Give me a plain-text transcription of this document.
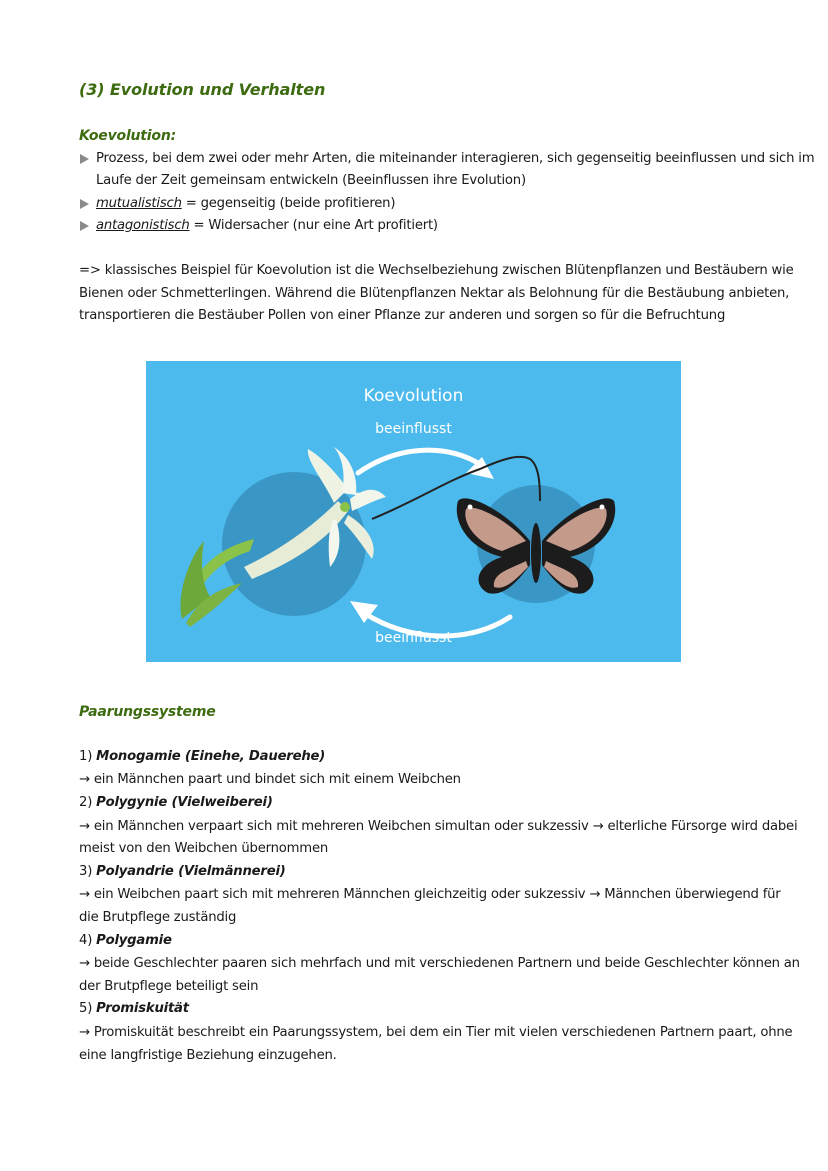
(3) Evolution und Verhalten
Koevolution:
Prozess, bei dem zwei oder mehr Arten, die miteinander interagieren, sich gegenseitig beeinflussen und sich im
Laufe der Zeit gemeinsam entwickeln (Beeinflussen ihre Evolution)
mutualistisch = gegenseitig (beide profitieren)
antagonistisch = Widersacher (nur eine Art profitiert)
=> klassisches Beispiel für Koevolution ist die Wechselbeziehung zwischen Blütenpflanzen und Bestäubern wie
Bienen oder Schmetterlingen. Während die Blütenpflanzen Nektar als Belohnung für die Bestäubung anbieten,
transportieren die Bestäuber Pollen von einer Pflanze zur anderen und sorgen so für die Befruchtung
Koevolution
beeinflusst
beeinflusst
Paarungssysteme
1) Monogamie (Einehe, Dauerehe)
→ ein Männchen paart und bindet sich mit einem Weibchen
2) Polygynie (Vielweiberei)
→ ein Männchen verpaart sich mit mehreren Weibchen simultan oder sukzessiv → elterliche Fürsorge wird dabei
meist von den Weibchen übernommen
3) Polyandrie (Vielmännerei)
→ ein Weibchen paart sich mit mehreren Männchen gleichzeitig oder sukzessiv → Männchen überwiegend für
die Brutpflege zuständig
4) Polygamie
→ beide Geschlechter paaren sich mehrfach und mit verschiedenen Partnern und beide Geschlechter können an
der Brutpflege beteiligt sein
5) Promiskuität
→ Promiskuität beschreibt ein Paarungssystem, bei dem ein Tier mit vielen verschiedenen Partnern paart, ohne
eine langfristige Beziehung einzugehen.
